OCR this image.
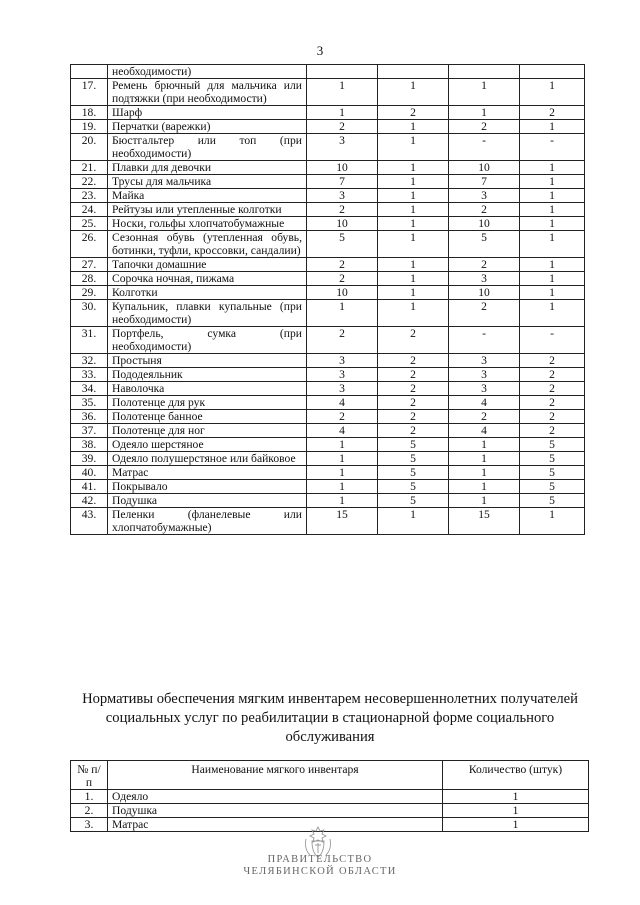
3
	необходимости)				
17.	Ремень брючный для мальчика или подтяжки (при необходимости)	1	1	1	1
18.	Шарф	1	2	1	2
19.	Перчатки (варежки)	2	1	2	1
20.	Бюстгальтер или топ (при необходимости)	3	1	-	-
21.	Плавки для девочки	10	1	10	1
22.	Трусы для мальчика	7	1	7	1
23.	Майка	3	1	3	1
24.	Рейтузы или утепленные колготки	2	1	2	1
25.	Носки, гольфы хлопчатобумажные	10	1	10	1
26.	Сезонная обувь (утепленная обувь, ботинки, туфли, кроссовки, сандалии)	5	1	5	1
27.	Тапочки домашние	2	1	2	1
28.	Сорочка ночная, пижама	2	1	3	1
29.	Колготки	10	1	10	1
30.	Купальник, плавки купальные (при необходимости)	1	1	2	1
31.	Портфель, сумка (при необходимости)	2	2	-	-
32.	Простыня	3	2	3	2
33.	Пододеяльник	3	2	3	2
34.	Наволочка	3	2	3	2
35.	Полотенце для рук	4	2	4	2
36.	Полотенце банное	2	2	2	2
37.	Полотенце для ног	4	2	4	2
38.	Одеяло шерстяное	1	5	1	5
39.	Одеяло полушерстяное или байковое	1	5	1	5
40.	Матрас	1	5	1	5
41.	Покрывало	1	5	1	5
42.	Подушка	1	5	1	5
43.	Пеленки (фланелевые или хлопчатобумажные)	15	1	15	1
Нормативы обеспечения мягким инвентарем несовершеннолетних получателей социальных услуг по реабилитации в стационарной форме социального обслуживания
№ п/п	Наименование мягкого инвентаря	Количество (штук)
1.	Одеяло	1
2.	Подушка	1
3.	Матрас	1
ПРАВИТЕЛЬСТВО
ЧЕЛЯБИНСКОЙ ОБЛАСТИ
